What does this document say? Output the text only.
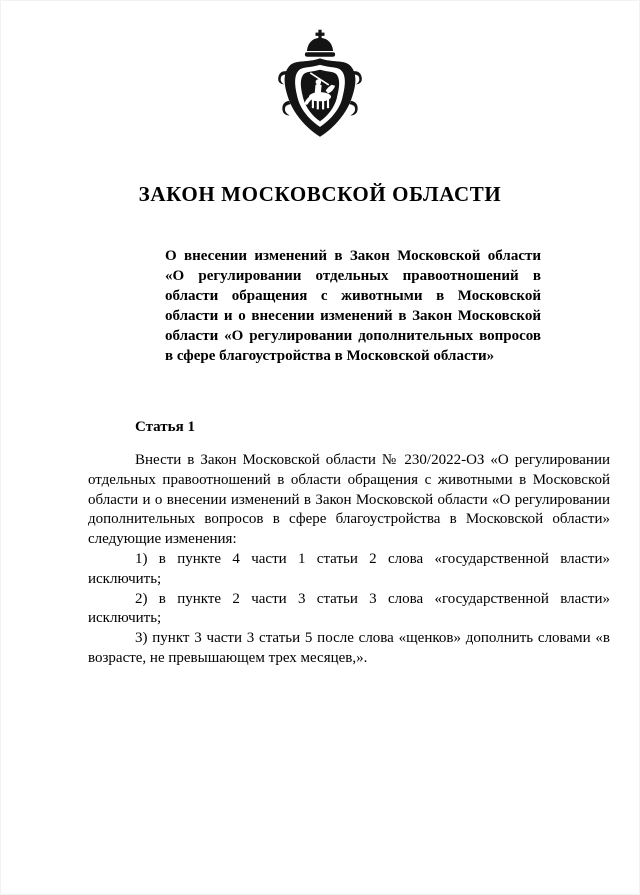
ЗАКОН МОСКОВСКОЙ ОБЛАСТИ

О внесении изменений в Закон Московской области «О регулировании отдельных правоотношений в области обращения с животными в Московской области и о внесении изменений в Закон Московской области «О регулировании дополнительных вопросов в сфере благоустройства в Московской области»

Статья 1

Внести в Закон Московской области № 230/2022-ОЗ «О регулировании отдельных правоотношений в области обращения с животными в Московской области и о внесении изменений в Закон Московской области «О регулировании дополнительных вопросов в сфере благоустройства в Московской области» следующие изменения:

1) в пункте 4 части 1 статьи 2 слова «государственной власти» исключить;

2) в пункте 2 части 3 статьи 3 слова «государственной власти» исключить;

3) пункт 3 части 3 статьи 5 после слова «щенков» дополнить словами «в возрасте, не превышающем трех месяцев,».
